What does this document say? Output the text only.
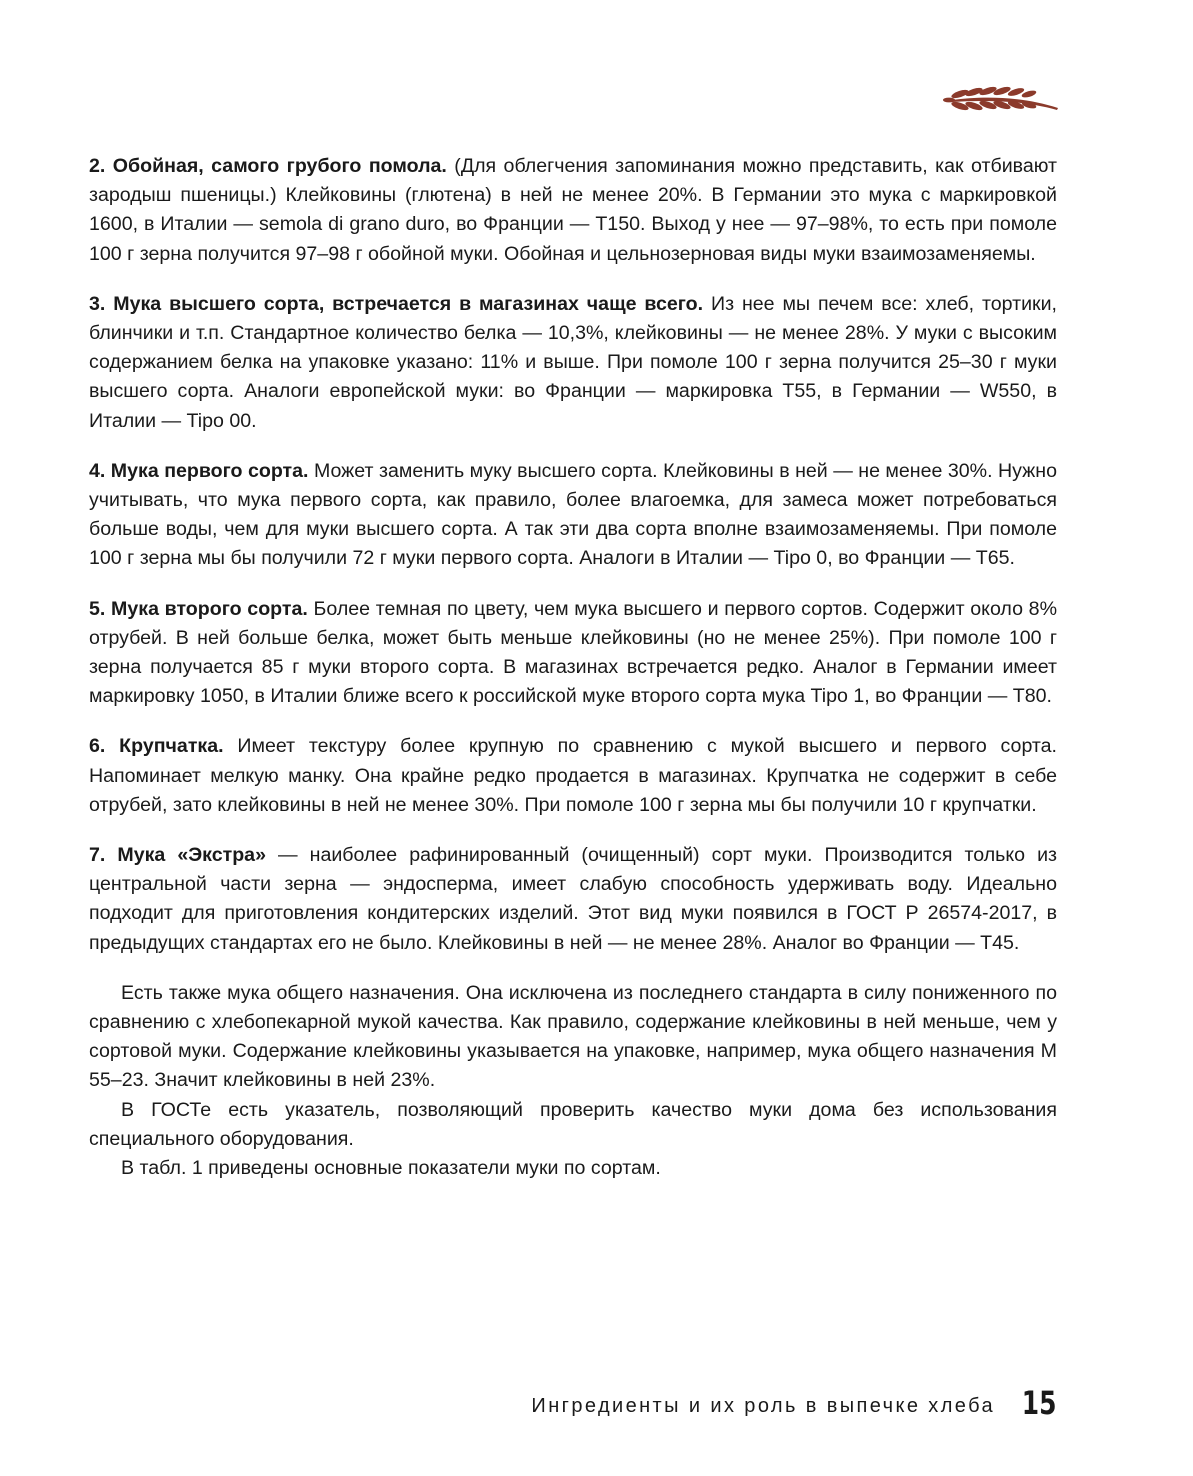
2. Обойная, самого грубого помола. (Для облегчения запоминания можно представить, как отбивают зародыш пшеницы.) Клейковины (глютена) в ней не менее 20%. В Германии это мука с маркировкой 1600, в Италии — semola di grano duro, во Франции — T150. Выход у нее — 97–98%, то есть при помоле 100 г зерна получится 97–98 г обойной муки. Обойная и цельнозерновая виды муки взаимозаменяемы.

3. Мука высшего сорта, встречается в магазинах чаще всего. Из нее мы печем все: хлеб, тортики, блинчики и т.п. Стандартное количество белка — 10,3%, клейковины — не менее 28%. У муки с высоким содержанием белка на упаковке указано: 11% и выше. При помоле 100 г зерна получится 25–30 г муки высшего сорта. Аналоги европейской муки: во Франции — маркировка T55, в Германии — W550, в Италии — Tipo 00.

4. Мука первого сорта. Может заменить муку высшего сорта. Клейковины в ней — не менее 30%. Нужно учитывать, что мука первого сорта, как правило, более влагоемка, для замеса может потребоваться больше воды, чем для муки высшего сорта. А так эти два сорта вполне взаимозаменяемы. При помоле 100 г зерна мы бы получили 72 г муки первого сорта. Аналоги в Италии — Tipo 0, во Франции — T65.

5. Мука второго сорта. Более темная по цвету, чем мука высшего и первого сортов. Содержит около 8% отрубей. В ней больше белка, может быть меньше клейковины (но не менее 25%). При помоле 100 г зерна получается 85 г муки второго сорта. В магазинах встречается редко. Аналог в Германии имеет маркировку 1050, в Италии ближе всего к российской муке второго сорта мука Tipo 1, во Франции — T80.

6. Крупчатка. Имеет текстуру более крупную по сравнению с мукой высшего и первого сорта. Напоминает мелкую манку. Она крайне редко продается в магазинах. Крупчатка не содержит в себе отрубей, зато клейковины в ней не менее 30%. При помоле 100 г зерна мы бы получили 10 г крупчатки.

7. Мука «Экстра» — наиболее рафинированный (очищенный) сорт муки. Производится только из центральной части зерна — эндосперма, имеет слабую способность удерживать воду. Идеально подходит для приготовления кондитерских изделий. Этот вид муки появился в ГОСТ Р 26574-2017, в предыдущих стандартах его не было. Клейковины в ней — не менее 28%. Аналог во Франции — T45.

Есть также мука общего назначения. Она исключена из последнего стандарта в силу пониженного по сравнению с хлебопекарной мукой качества. Как правило, содержание клейковины в ней меньше, чем у сортовой муки. Содержание клейковины указывается на упаковке, например, мука общего назначения М 55–23. Значит клейковины в ней 23%.

В ГОСТе есть указатель, позволяющий проверить качество муки дома без использования специального оборудования.

В табл. 1 приведены основные показатели муки по сортам.

Ингредиенты и их роль в выпечке хлеба 15
